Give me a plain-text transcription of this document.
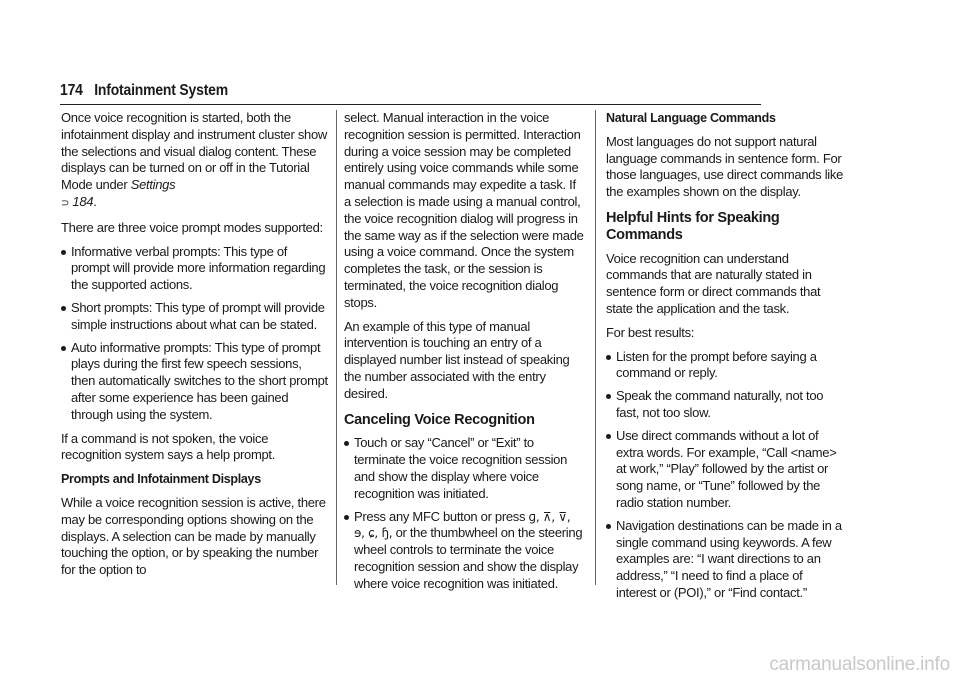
174 Infotainment System

Once voice recognition is started, both the infotainment display and instrument cluster show the selections and visual dialog content. These displays can be turned on or off in the Tutorial Mode under Settings
⊃ 184.

There are three voice prompt modes supported:

Informative verbal prompts: This type of prompt will provide more information regarding the supported actions.
Short prompts: This type of prompt will provide simple instructions about what can be stated.
Auto informative prompts: This type of prompt plays during the first few speech sessions, then automatically switches to the short prompt after some experience has been gained through using the system.

If a command is not spoken, the voice recognition system says a help prompt.

Prompts and Infotainment Displays

While a voice recognition session is active, there may be corresponding options showing on the displays. A selection can be made by manually touching the option, or by speaking the number for the option to

select. Manual interaction in the voice recognition session is permitted. Interaction during a voice session may be completed entirely using voice commands while some manual commands may expedite a task. If a selection is made using a manual control, the voice recognition dialog will progress in the same way as if the selection were made using a voice command. Once the system completes the task, or the session is terminated, the voice recognition dialog stops.

An example of this type of manual intervention is touching an entry of a displayed number list instead of speaking the number associated with the entry desired.

Canceling Voice Recognition
Touch or say “Cancel” or “Exit” to terminate the voice recognition session and show the display where voice recognition was initiated.
Press any MFC button or press ɡ, ⊼, ⊽,
ɘ, ɕ, ɧ, or the thumbwheel on the steering wheel controls to terminate the voice recognition session and show the display where voice recognition was initiated.

Natural Language Commands

Most languages do not support natural language commands in sentence form. For those languages, use direct commands like the examples shown on the display.

Helpful Hints for Speaking Commands

Voice recognition can understand commands that are naturally stated in sentence form or direct commands that state the application and the task.

For best results:

Listen for the prompt before saying a command or reply.
Speak the command naturally, not too fast, not too slow.
Use direct commands without a lot of extra words. For example, “Call <name> at work,” “Play” followed by the artist or song name, or “Tune” followed by the radio station number.
Navigation destinations can be made in a single command using keywords. A few examples are: “I want directions to an address,” “I need to find a place of interest or (POI),” or “Find contact.”
carmanualsonline.info
